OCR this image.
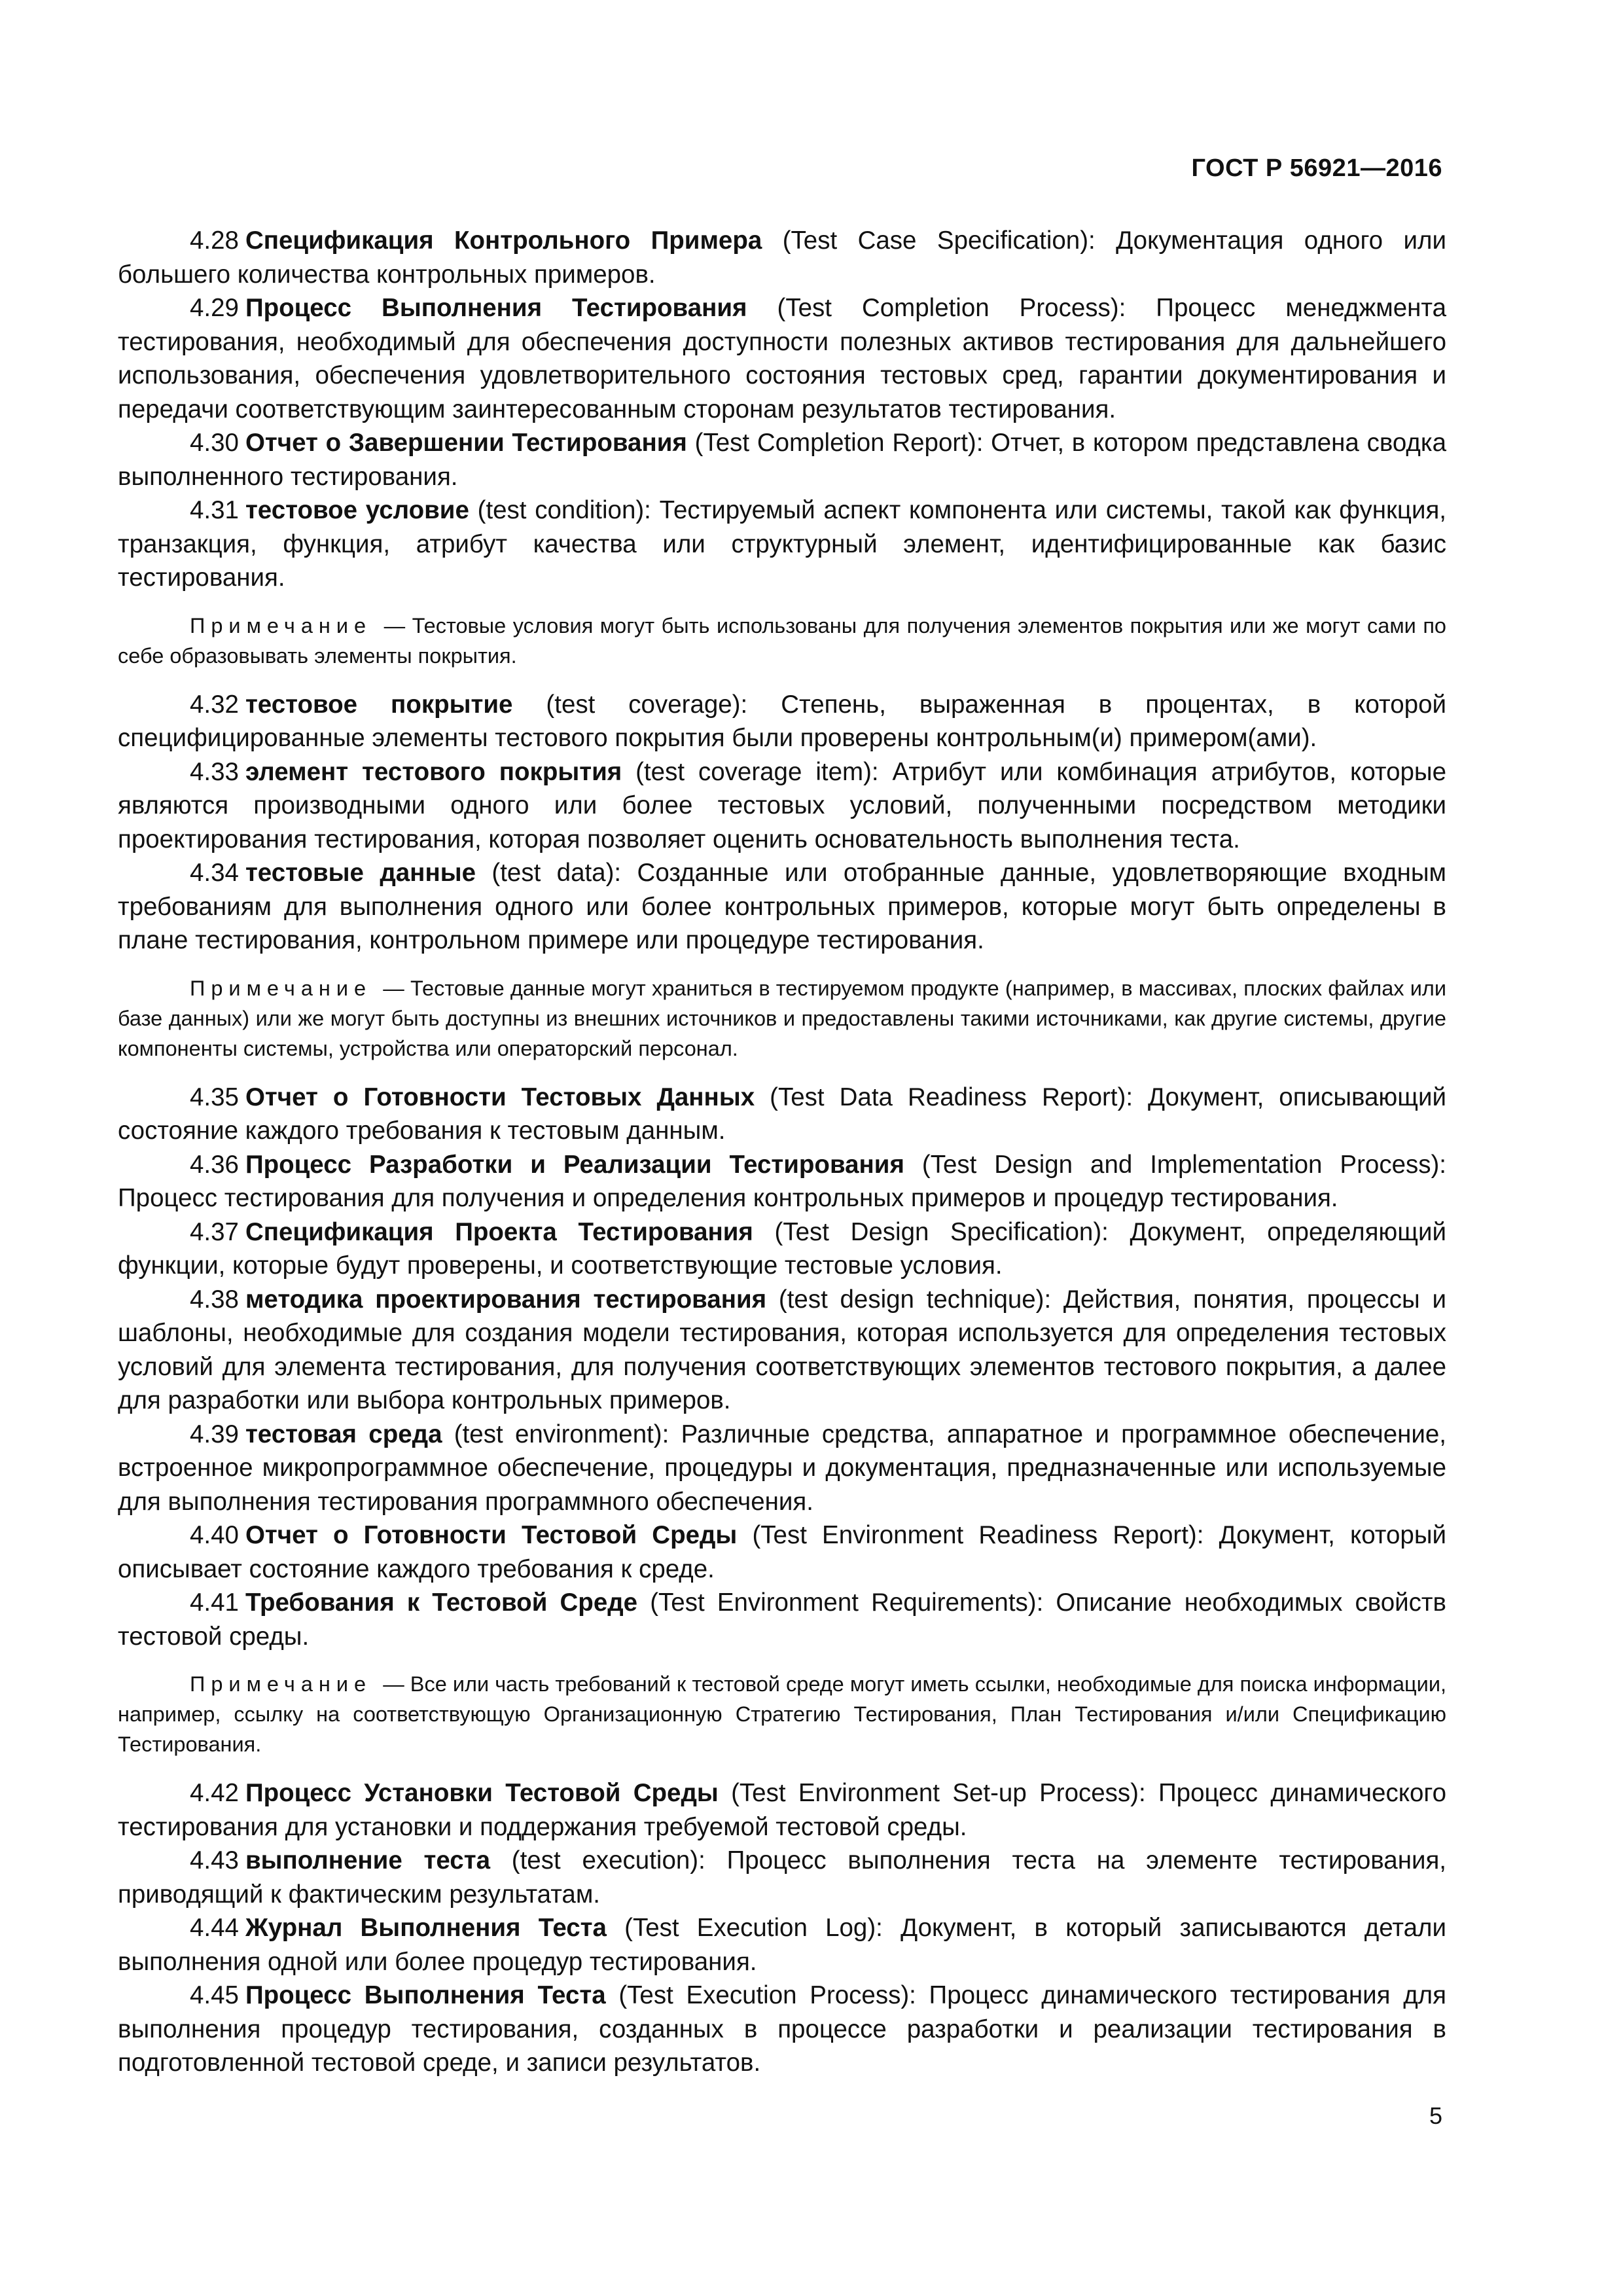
ГОСТ Р 56921—2016

4.28 Спецификация Контрольного Примера (Test Case Specification): Документация одного или большего количества контрольных примеров.

4.29 Процесс Выполнения Тестирования (Test Completion Process): Процесс менеджмента тестирования, необходимый для обеспечения доступности полезных активов тестирования для дальнейшего использования, обеспечения удовлетворительного состояния тестовых сред, гарантии документирования и передачи соответствующим заинтересованным сторонам результатов тестирования.

4.30 Отчет о Завершении Тестирования (Test Completion Report): Отчет, в котором представлена сводка выполненного тестирования.

4.31 тестовое условие (test condition): Тестируемый аспект компонента или системы, такой как функция, транзакция, функция, атрибут качества или структурный элемент, идентифицированные как базис тестирования.

Примечание — Тестовые условия могут быть использованы для получения элементов покрытия или же могут сами по себе образовывать элементы покрытия.

4.32 тестовое покрытие (test coverage): Степень, выраженная в процентах, в которой специфицированные элементы тестового покрытия были проверены контрольным(и) примером(ами).

4.33 элемент тестового покрытия (test coverage item): Атрибут или комбинация атрибутов, которые являются производными одного или более тестовых условий, полученными посредством методики проектирования тестирования, которая позволяет оценить основательность выполнения теста.

4.34 тестовые данные (test data): Созданные или отобранные данные, удовлетворяющие входным требованиям для выполнения одного или более контрольных примеров, которые могут быть определены в плане тестирования, контрольном примере или процедуре тестирования.

Примечание — Тестовые данные могут храниться в тестируемом продукте (например, в массивах, плоских файлах или базе данных) или же могут быть доступны из внешних источников и предоставлены такими источниками, как другие системы, другие компоненты системы, устройства или операторский персонал.

4.35 Отчет о Готовности Тестовых Данных (Test Data Readiness Report): Документ, описывающий состояние каждого требования к тестовым данным.

4.36 Процесс Разработки и Реализации Тестирования (Test Design and Implementation Process): Процесс тестирования для получения и определения контрольных примеров и процедур тестирования.

4.37 Спецификация Проекта Тестирования (Test Design Specification): Документ, определяющий функции, которые будут проверены, и соответствующие тестовые условия.

4.38 методика проектирования тестирования (test design technique): Действия, понятия, процессы и шаблоны, необходимые для создания модели тестирования, которая используется для определения тестовых условий для элемента тестирования, для получения соответствующих элементов тестового покрытия, а далее для разработки или выбора контрольных примеров.

4.39 тестовая среда (test environment): Различные средства, аппаратное и программное обеспечение, встроенное микропрограммное обеспечение, процедуры и документация, предназначенные или используемые для выполнения тестирования программного обеспечения.

4.40 Отчет о Готовности Тестовой Среды (Test Environment Readiness Report): Документ, который описывает состояние каждого требования к среде.

4.41 Требования к Тестовой Среде (Test Environment Requirements): Описание необходимых свойств тестовой среды.

Примечание — Все или часть требований к тестовой среде могут иметь ссылки, необходимые для поиска информации, например, ссылку на соответствующую Организационную Стратегию Тестирования, План Тестирования и/или Спецификацию Тестирования.

4.42 Процесс Установки Тестовой Среды (Test Environment Set-up Process): Процесс динамического тестирования для установки и поддержания требуемой тестовой среды.

4.43 выполнение теста (test execution): Процесс выполнения теста на элементе тестирования, приводящий к фактическим результатам.

4.44 Журнал Выполнения Теста (Test Execution Log): Документ, в который записываются детали выполнения одной или более процедур тестирования.

4.45 Процесс Выполнения Теста (Test Execution Process): Процесс динамического тестирования для выполнения процедур тестирования, созданных в процессе разработки и реализации тестирования в подготовленной тестовой среде, и записи результатов.

5
